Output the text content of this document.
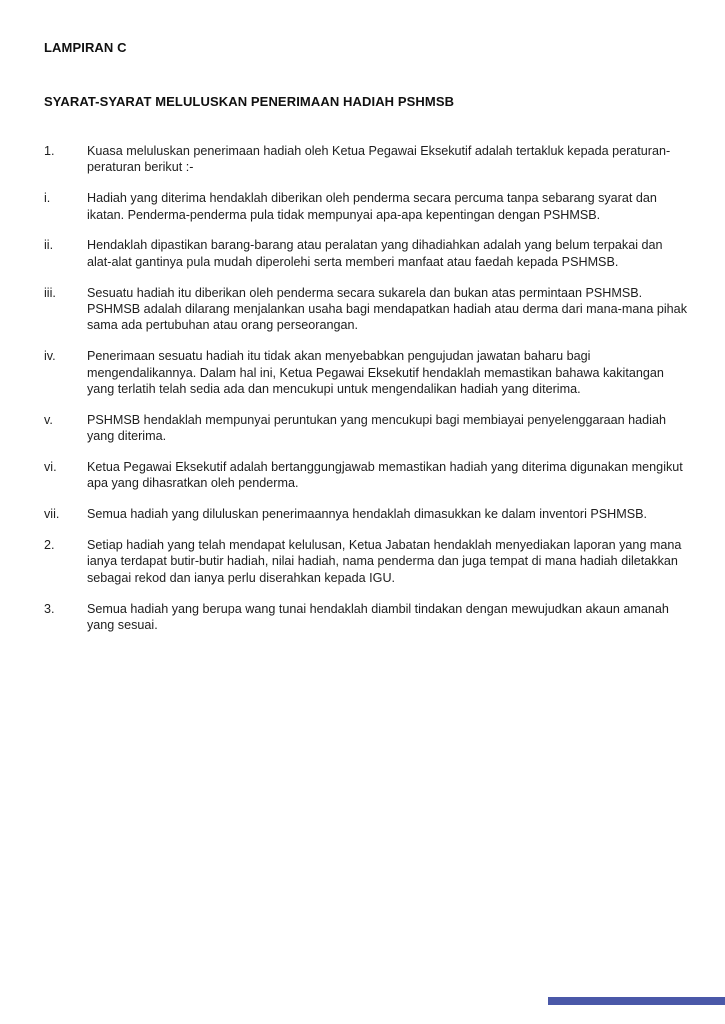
LAMPIRAN C
SYARAT-SYARAT MELULUSKAN PENERIMAAN HADIAH PSHMSB
1.	Kuasa meluluskan penerimaan hadiah oleh Ketua Pegawai Eksekutif adalah tertakluk kepada peraturan-peraturan berikut :-
i.	Hadiah yang diterima hendaklah diberikan oleh penderma secara percuma tanpa sebarang syarat dan ikatan. Penderma-penderma pula tidak mempunyai apa-apa kepentingan dengan PSHMSB.
ii.	Hendaklah dipastikan barang-barang atau peralatan yang dihadiahkan adalah yang belum terpakai dan alat-alat gantinya pula mudah diperolehi serta memberi manfaat atau faedah kepada PSHMSB.
iii.	Sesuatu hadiah itu diberikan oleh penderma secara sukarela dan bukan atas permintaan PSHMSB. PSHMSB adalah dilarang menjalankan usaha bagi mendapatkan hadiah atau derma dari mana-mana pihak sama ada pertubuhan atau orang perseorangan.
iv.	Penerimaan sesuatu hadiah itu tidak akan menyebabkan pengujudan jawatan baharu bagi mengendalikannya. Dalam hal ini, Ketua Pegawai Eksekutif hendaklah memastikan bahawa kakitangan yang terlatih telah sedia ada dan mencukupi untuk mengendalikan hadiah yang diterima.
v.	PSHMSB hendaklah mempunyai peruntukan yang mencukupi bagi membiayai penyelenggaraan hadiah yang diterima.
vi.	Ketua Pegawai Eksekutif adalah bertanggungjawab memastikan hadiah yang diterima digunakan mengikut apa yang dihasratkan oleh penderma.
vii.	Semua hadiah yang diluluskan penerimaannya hendaklah dimasukkan ke dalam inventori PSHMSB.
2.	Setiap hadiah yang telah mendapat kelulusan, Ketua Jabatan hendaklah menyediakan laporan yang mana ianya terdapat butir-butir hadiah, nilai hadiah, nama penderma dan juga tempat di mana hadiah diletakkan sebagai rekod dan ianya perlu diserahkan kepada IGU.
3.	Semua hadiah yang berupa wang tunai hendaklah diambil tindakan dengan mewujudkan akaun amanah yang sesuai.
